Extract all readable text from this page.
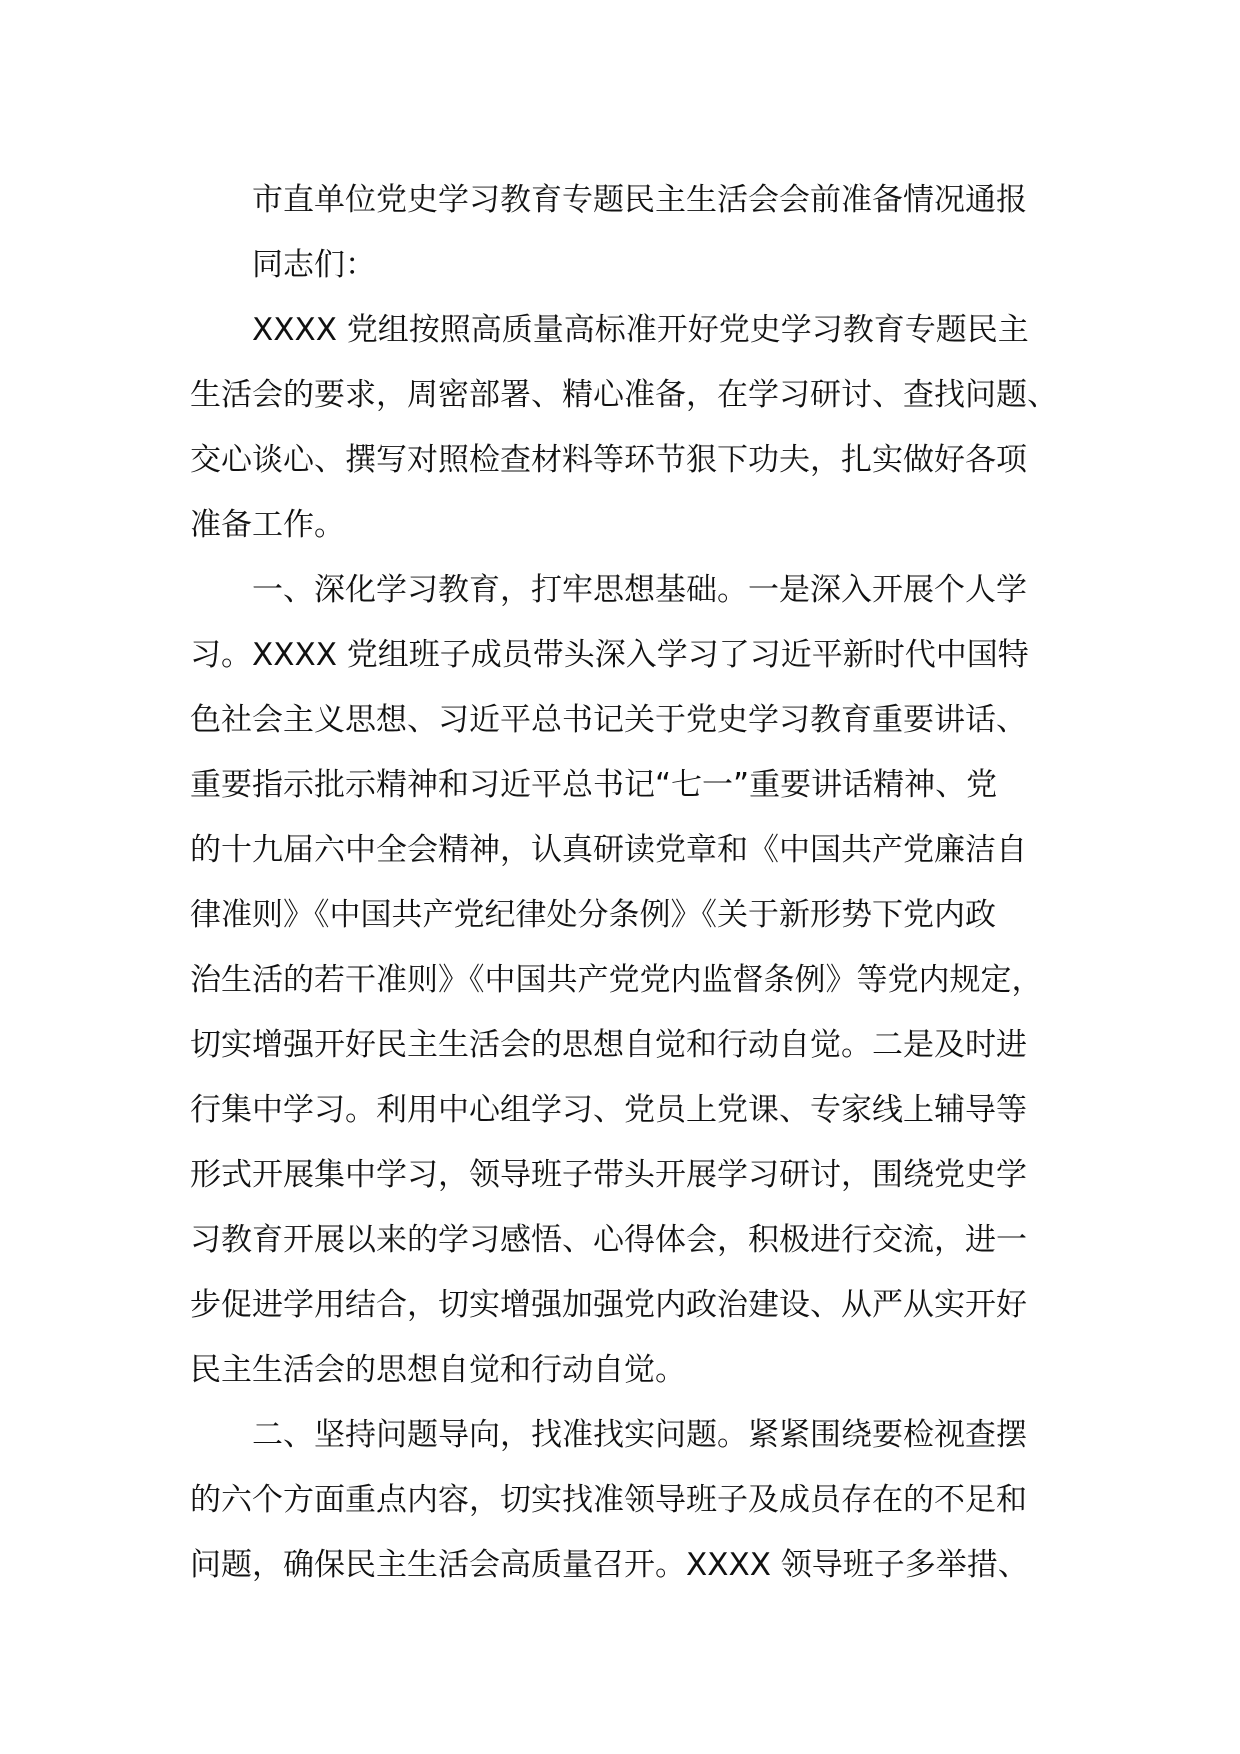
市直单位党史学习教育专题民主生活会会前准备情况通报
同志们：
XXXX 党组按照高质量高标准开好党史学习教育专题民主
生活会的要求，周密部署、精心准备，在学习研讨、查找问题、
交心谈心、撰写对照检查材料等环节狠下功夫，扎实做好各项
准备工作。
一、深化学习教育，打牢思想基础。一是深入开展个人学
习。XXXX 党组班子成员带头深入学习了习近平新时代中国特
色社会主义思想、习近平总书记关于党史学习教育重要讲话、
重要指示批示精神和习近平总书记“七一”重要讲话精神、党
的十九届六中全会精神，认真研读党章和《中国共产党廉洁自
律准则》《中国共产党纪律处分条例》《关于新形势下党内政
治生活的若干准则》《中国共产党党内监督条例》等党内规定，
切实增强开好民主生活会的思想自觉和行动自觉。二是及时进
行集中学习。利用中心组学习、党员上党课、专家线上辅导等
形式开展集中学习，领导班子带头开展学习研讨，围绕党史学
习教育开展以来的学习感悟、心得体会，积极进行交流，进一
步促进学用结合，切实增强加强党内政治建设、从严从实开好
民主生活会的思想自觉和行动自觉。
二、坚持问题导向，找准找实问题。紧紧围绕要检视查摆
的六个方面重点内容，切实找准领导班子及成员存在的不足和
问题，确保民主生活会高质量召开。XXXX 领导班子多举措、
